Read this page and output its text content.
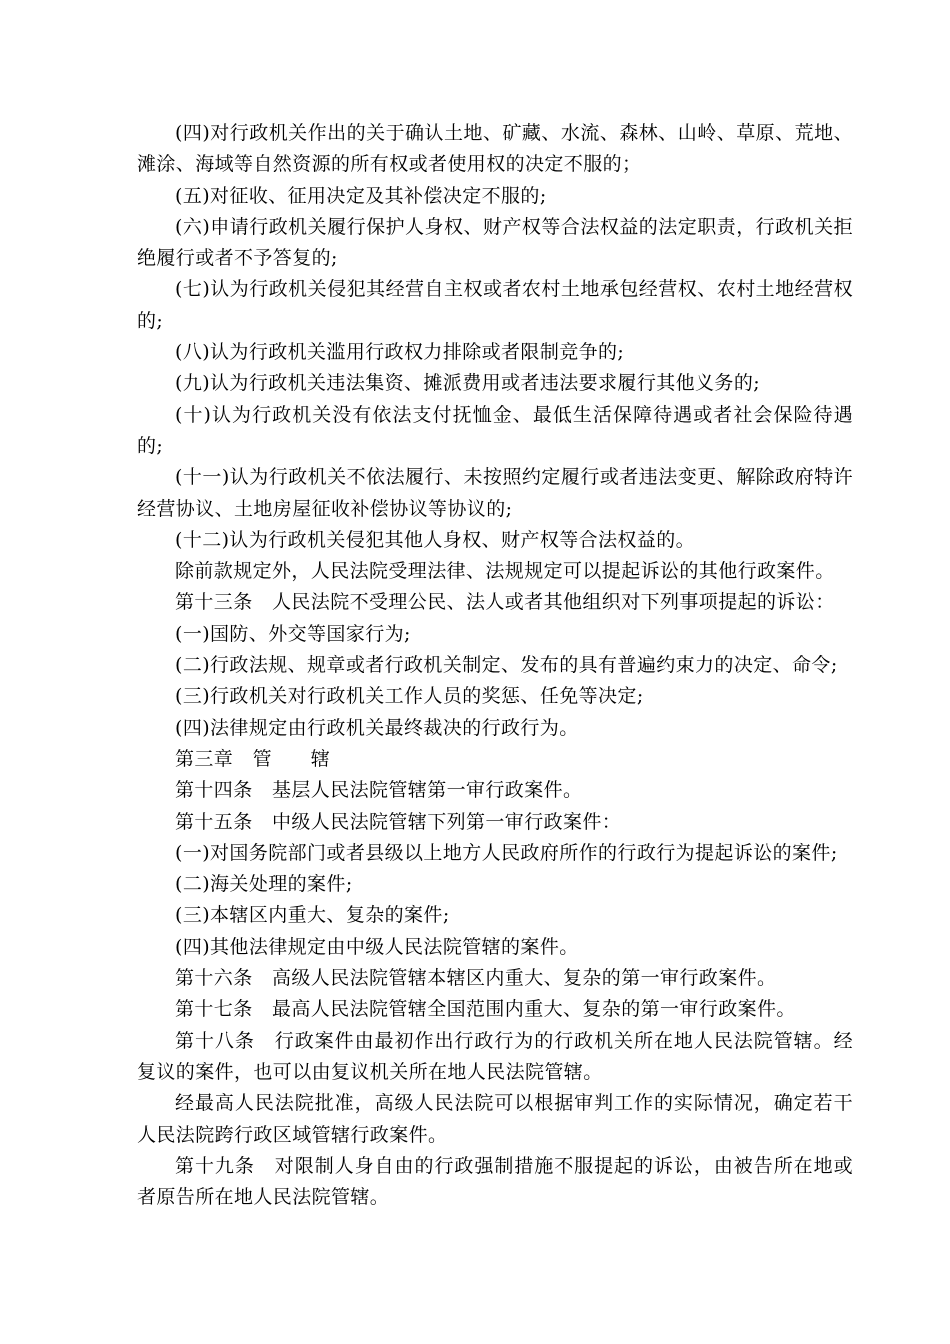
(四)对行政机关作出的关于确认土地、矿藏、水流、森林、山岭、草原、荒地、滩涂、海域等自然资源的所有权或者使用权的决定不服的；

(五)对征收、征用决定及其补偿决定不服的;

(六)申请行政机关履行保护人身权、财产权等合法权益的法定职责，行政机关拒绝履行或者不予答复的;

(七)认为行政机关侵犯其经营自主权或者农村土地承包经营权、农村土地经营权的;

(八)认为行政机关滥用行政权力排除或者限制竞争的;

(九)认为行政机关违法集资、摊派费用或者违法要求履行其他义务的;

(十)认为行政机关没有依法支付抚恤金、最低生活保障待遇或者社会保险待遇的;

(十一)认为行政机关不依法履行、未按照约定履行或者违法变更、解除政府特许经营协议、土地房屋征收补偿协议等协议的;

(十二)认为行政机关侵犯其他人身权、财产权等合法权益的。

除前款规定外，人民法院受理法律、法规规定可以提起诉讼的其他行政案件。

第十三条　人民法院不受理公民、法人或者其他组织对下列事项提起的诉讼：

(一)国防、外交等国家行为;

(二)行政法规、规章或者行政机关制定、发布的具有普遍约束力的决定、命令;

(三)行政机关对行政机关工作人员的奖惩、任免等决定;

(四)法律规定由行政机关最终裁决的行政行为。

第三章　管　　辖

第十四条　基层人民法院管辖第一审行政案件。

第十五条　中级人民法院管辖下列第一审行政案件：

(一)对国务院部门或者县级以上地方人民政府所作的行政行为提起诉讼的案件;

(二)海关处理的案件;

(三)本辖区内重大、复杂的案件;

(四)其他法律规定由中级人民法院管辖的案件。

第十六条　高级人民法院管辖本辖区内重大、复杂的第一审行政案件。

第十七条　最高人民法院管辖全国范围内重大、复杂的第一审行政案件。

第十八条　行政案件由最初作出行政行为的行政机关所在地人民法院管辖。经复议的案件，也可以由复议机关所在地人民法院管辖。

经最高人民法院批准，高级人民法院可以根据审判工作的实际情况，确定若干人民法院跨行政区域管辖行政案件。

第十九条　对限制人身自由的行政强制措施不服提起的诉讼，由被告所在地或者原告所在地人民法院管辖。
